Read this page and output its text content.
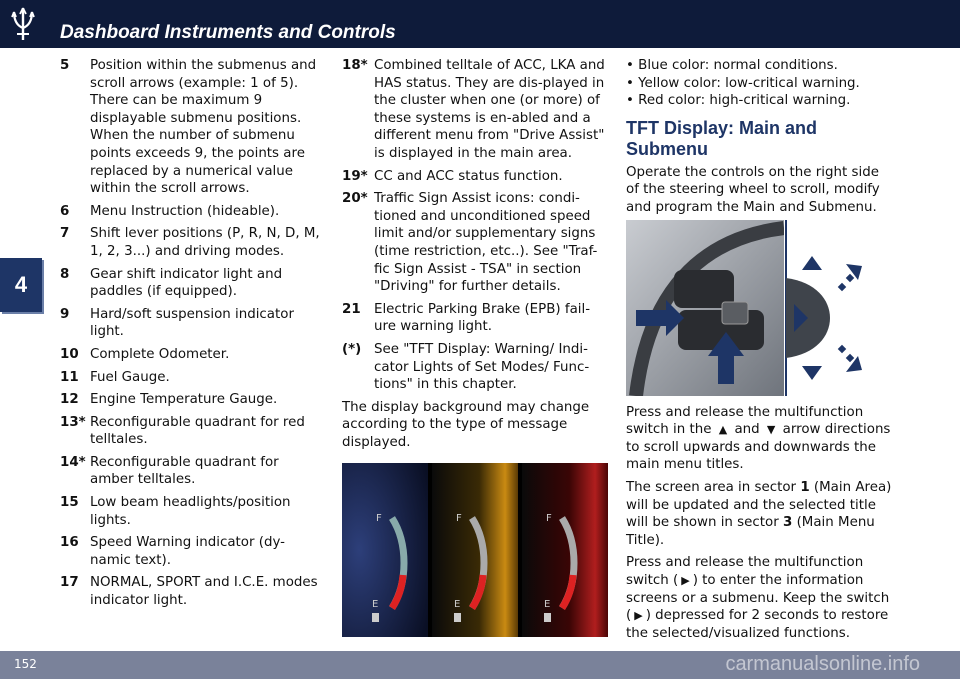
Dashboard Instruments and Controls
4
5	Position within the submenus and scroll arrows (example: 1 of 5). There can be maximum 9 displayable submenu positions. When the number of submenu points exceeds 9, the points are replaced by a numerical value within the scroll arrows.
6	Menu Instruction (hideable).
7	Shift lever positions (P, R, N, D, M, 1, 2, 3...) and driving modes.
8	Gear shift indicator light and paddles (if equipped).
9	Hard/soft suspension indicator light.
10 Complete Odometer.
11 Fuel Gauge.
12 Engine Temperature Gauge.
13* Reconfigurable quadrant for red telltales.
14* Reconfigurable quadrant for amber telltales.
15 Low beam headlights/position lights.
16 Speed Warning indicator (dy-namic text).
17 NORMAL, SPORT and I.C.E. modes indicator light.
18* Combined telltale of ACC, LKA and HAS status. They are dis-played in the cluster when one (or more) of these systems is en-abled and a different menu from "Drive Assist" is displayed in the main area.
19* CC and ACC status function.
20* Traffic Sign Assist icons: condi-tioned and unconditioned speed limit and/or supplementary signs (time restriction, etc..). See "Traf-fic Sign Assist - TSA" in section "Driving" for further details.
21 Electric Parking Brake (EPB) fail-ure warning light.
(*) See "TFT Display: Warning/ Indi-cator Lights of Set Modes/ Func-tions" in this chapter.

The display background may change according to the type of message displayed.

F
E
F
E
F
E
• Blue color: normal conditions.
• Yellow color: low-critical warning.
• Red color: high-critical warning.
TFT Display: Main and Submenu

Operate the controls on the right side of the steering wheel to scroll, modify and program the Main and Submenu.

Press and release the multifunction switch in the ▲ and ▼ arrow directions to scroll upwards and downwards the main menu titles.

The screen area in sector 1 (Main Area) will be updated and the selected title will be shown in sector 3 (Main Menu Title).

Press and release the multifunction switch ( ▶ ) to enter the information screens or a submenu. Keep the switch ( ▶ ) depressed for 2 seconds to restore the selected/visualized functions.

152	carmanualsonline.info
